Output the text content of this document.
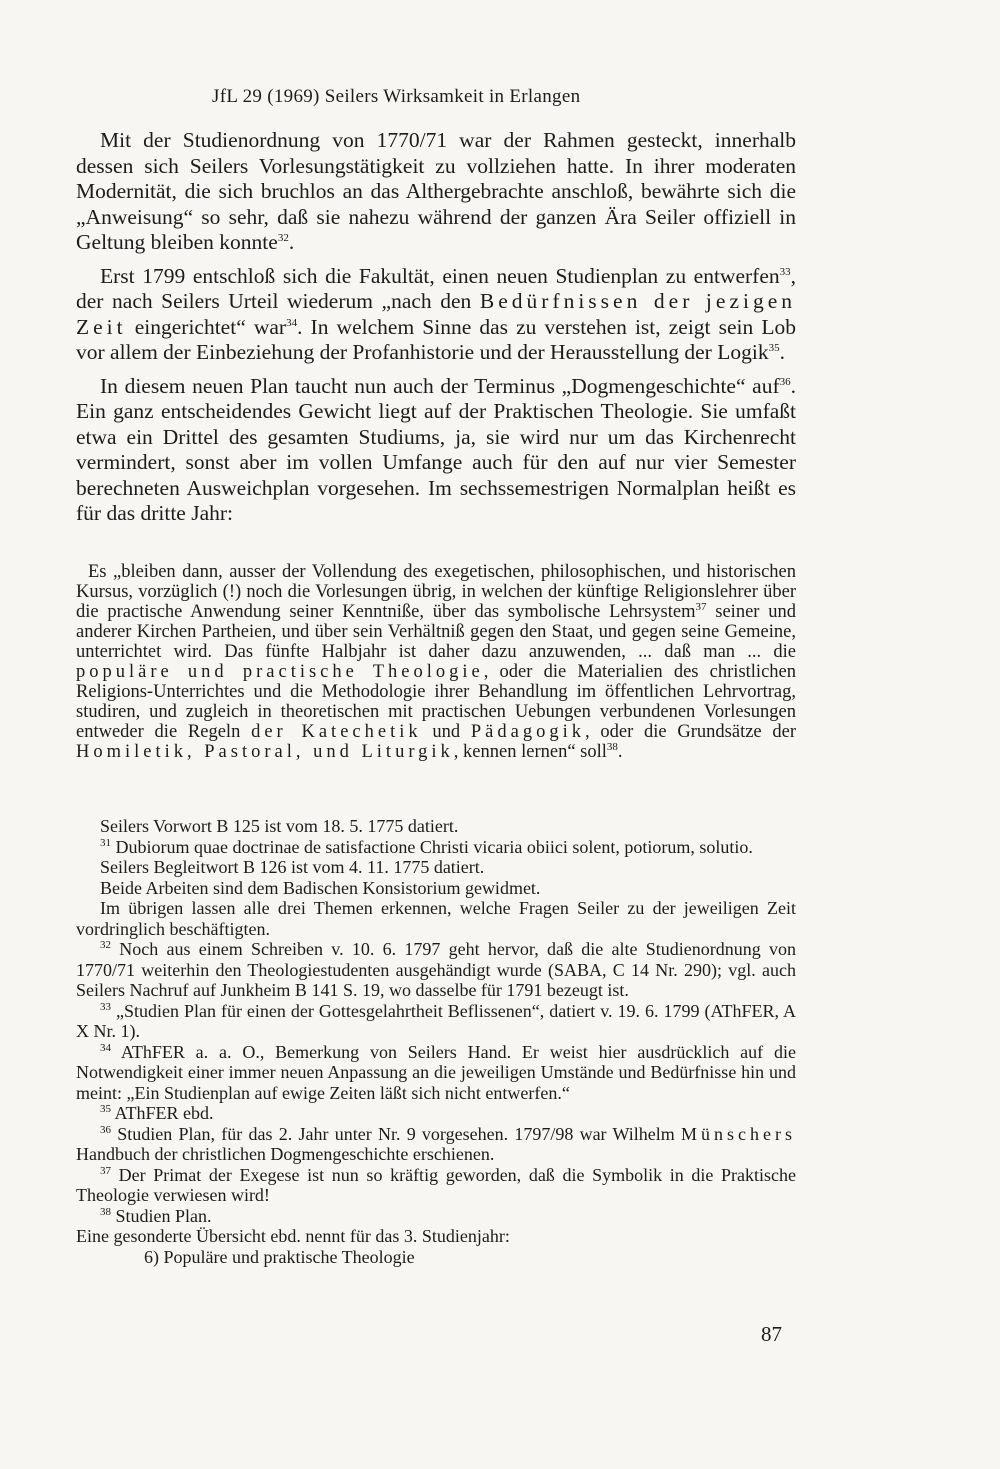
JfL 29 (1969) Seilers Wirksamkeit in Erlangen

Mit der Studienordnung von 1770/71 war der Rahmen gesteckt, innerhalb dessen sich Seilers Vorlesungstätigkeit zu vollziehen hatte. In ihrer moderaten Modernität, die sich bruchlos an das Althergebrachte anschloß, bewährte sich die „Anweisung“ so sehr, daß sie nahezu während der ganzen Ära Seiler offiziell in Geltung bleiben konnte$^{32}$.

Erst 1799 entschloß sich die Fakultät, einen neuen Studienplan zu entwerfen$^{33}$, der nach Seilers Urteil wiederum „nach den Bedürfnissen der jezigen Zeit eingerichtet“ war$^{34}$. In welchem Sinne das zu verstehen ist, zeigt sein Lob vor allem der Einbeziehung der Profanhistorie und der Herausstellung der Logik$^{35}$.

In diesem neuen Plan taucht nun auch der Terminus „Dogmengeschichte“ auf$^{36}$. Ein ganz entscheidendes Gewicht liegt auf der Praktischen Theologie. Sie umfaßt etwa ein Drittel des gesamten Studiums, ja, sie wird nur um das Kirchenrecht vermindert, sonst aber im vollen Umfange auch für den auf nur vier Semester berechneten Ausweichplan vorgesehen. Im sechssemestrigen Normalplan heißt es für das dritte Jahr:

Es „bleiben dann, ausser der Vollendung des exegetischen, philosophischen, und historischen Kursus, vorzüglich (!) noch die Vorlesungen übrig, in welchen der künftige Religionslehrer über die practische Anwendung seiner Kenntniße, über das symbolische Lehrsystem$^{37}$ seiner und anderer Kirchen Partheien, und über sein Verhältniß gegen den Staat, und gegen seine Gemeine, unterrichtet wird. Das fünfte Halbjahr ist daher dazu anzuwenden, ... daß man ... die populäre und practische Theologie, oder die Materialien des christlichen Religions-Unterrichtes und die Methodologie ihrer Behandlung im öffentlichen Lehrvortrag, studiren, und zugleich in theoretischen mit practischen Uebungen verbundenen Vorlesungen entweder die Regeln der Katechetik und Pädagogik, oder die Grundsätze der Homiletik, Pastoral, und Liturgik, kennen lernen“ soll$^{38}$.

Seilers Vorwort B 125 ist vom 18. 5. 1775 datiert.

$^{31}$ Dubiorum quae doctrinae de satisfactione Christi vicaria obiici solent, potiorum, solutio.

Seilers Begleitwort B 126 ist vom 4. 11. 1775 datiert.

Beide Arbeiten sind dem Badischen Konsistorium gewidmet.

Im übrigen lassen alle drei Themen erkennen, welche Fragen Seiler zu der jeweiligen Zeit vordringlich beschäftigten.

$^{32}$ Noch aus einem Schreiben v. 10. 6. 1797 geht hervor, daß die alte Studienordnung von 1770/71 weiterhin den Theologiestudenten ausgehändigt wurde (SABA, C 14 Nr. 290); vgl. auch Seilers Nachruf auf Junkheim B 141 S. 19, wo dasselbe für 1791 bezeugt ist.

$^{33}$ „Studien Plan für einen der Gottesgelahrtheit Beflissenen“, datiert v. 19. 6. 1799 (AThFER, A X Nr. 1).

$^{34}$ AThFER a. a. O., Bemerkung von Seilers Hand. Er weist hier ausdrücklich auf die Notwendigkeit einer immer neuen Anpassung an die jeweiligen Umstände und Bedürfnisse hin und meint: „Ein Studienplan auf ewige Zeiten läßt sich nicht entwerfen.“

$^{35}$ AThFER ebd.

$^{36}$ Studien Plan, für das 2. Jahr unter Nr. 9 vorgesehen. 1797/98 war Wilhelm Münschers Handbuch der christlichen Dogmengeschichte erschienen.

$^{37}$ Der Primat der Exegese ist nun so kräftig geworden, daß die Symbolik in die Praktische Theologie verwiesen wird!

$^{38}$ Studien Plan.

Eine gesonderte Übersicht ebd. nennt für das 3. Studienjahr:

6) Populäre und praktische Theologie

87
